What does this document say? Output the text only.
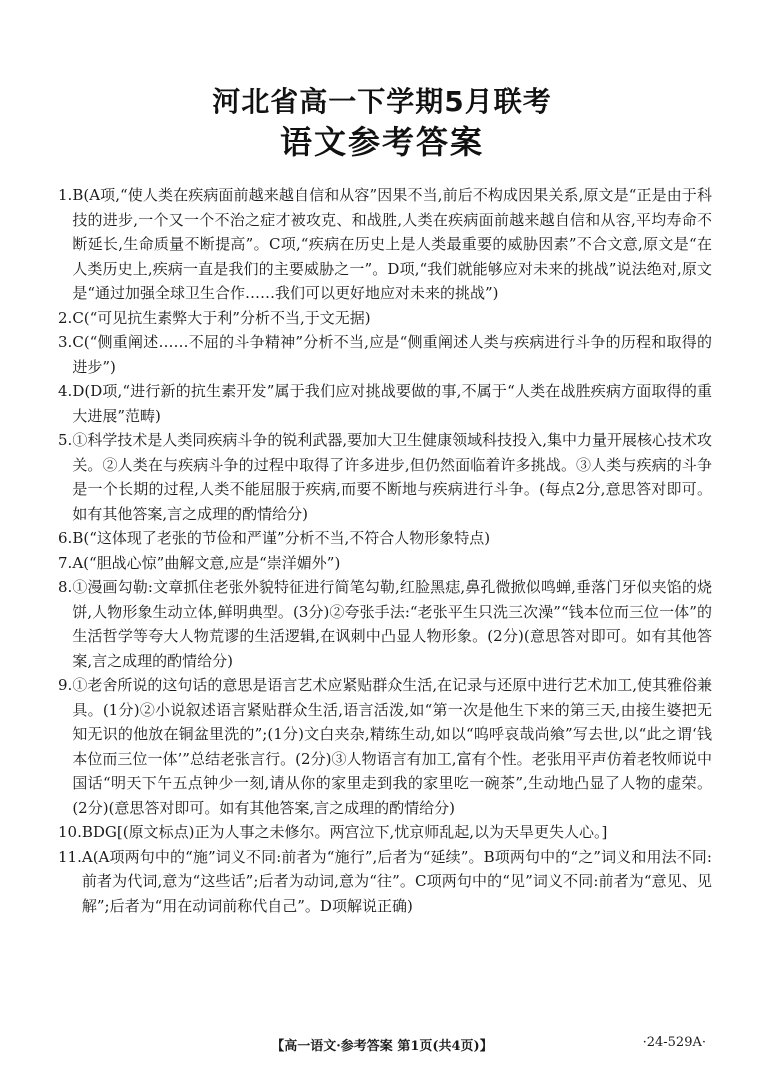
河北省高一下学期5月联考
语文参考答案
1. B(A项,“使人类在疾病面前越来越自信和从容”因果不当,前后不构成因果关系,原文是“正是由于科技的进步,一个又一个不治之症才被攻克、和战胜,人类在疾病面前越来越自信和从容,平均寿命不断延长,生命质量不断提高”。C项,“疾病在历史上是人类最重要的威胁因素”不合文意,原文是“在人类历史上,疾病一直是我们的主要威胁之一”。D项,“我们就能够应对未来的挑战”说法绝对,原文是“通过加强全球卫生合作……我们可以更好地应对未来的挑战”)
2. C(“可见抗生素弊大于利”分析不当,于文无据)
3. C(“侧重阐述……不屈的斗争精神”分析不当,应是“侧重阐述人类与疾病进行斗争的历程和取得的进步”)
4. D(D项,“进行新的抗生素开发”属于我们应对挑战要做的事,不属于“人类在战胜疾病方面取得的重大进展”范畴)
5. ①科学技术是人类同疾病斗争的锐利武器,要加大卫生健康领域科技投入,集中力量开展核心技术攻关。②人类在与疾病斗争的过程中取得了许多进步,但仍然面临着许多挑战。③人类与疾病的斗争是一个长期的过程,人类不能屈服于疾病,而要不断地与疾病进行斗争。(每点2分,意思答对即可。如有其他答案,言之成理的酌情给分)
6. B(“这体现了老张的节俭和严谨”分析不当,不符合人物形象特点)
7. A(“胆战心惊”曲解文意,应是“崇洋媚外”)
8. ①漫画勾勒:文章抓住老张外貌特征进行简笔勾勒,红脸黑痣,鼻孔微掀似鸣蝉,垂落门牙似夹馅的烧饼,人物形象生动立体,鲜明典型。(3分)②夸张手法:“老张平生只洗三次澡”“钱本位而三位一体”的生活哲学等夸大人物荒谬的生活逻辑,在讽刺中凸显人物形象。(2分)(意思答对即可。如有其他答案,言之成理的酌情给分)
9. ①老舍所说的这句话的意思是语言艺术应紧贴群众生活,在记录与还原中进行艺术加工,使其雅俗兼具。(1分)②小说叙述语言紧贴群众生活,语言活泼,如“第一次是他生下来的第三天,由接生婆把无知无识的他放在铜盆里洗的”;(1分)文白夹杂,精练生动,如以“呜呼哀哉尚飨”写去世,以“此之谓‘钱本位而三位一体’”总结老张言行。(2分)③人物语言有加工,富有个性。老张用平声仿着老牧师说中国话“明天下午五点钟少一刻,请从你的家里走到我的家里吃一碗茶”,生动地凸显了人物的虚荣。(2分)(意思答对即可。如有其他答案,言之成理的酌情给分)
10. BDG[(原文标点)正为人事之未修尔。两宫泣下,忧京师乱起,以为天旱更失人心。]
11. A(A项两句中的“施”词义不同:前者为“施行”,后者为“延续”。B项两句中的“之”词义和用法不同:前者为代词,意为“这些话”;后者为动词,意为“往”。C项两句中的“见”词义不同:前者为“意见、见解”;后者为“用在动词前称代自己”。D项解说正确)
【高一语文·参考答案 第1页(共4页)】	·24-529A·
